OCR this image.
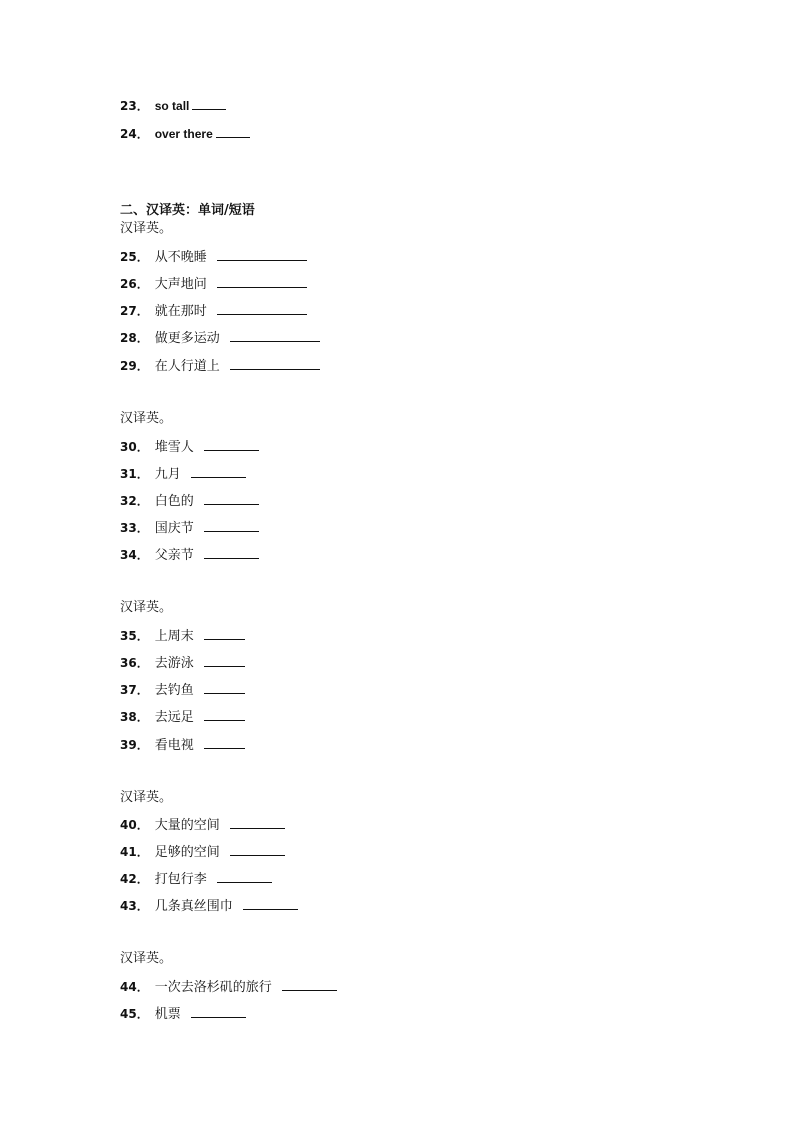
23． so tall
24． over there
二、汉译英：单词/短语
汉译英。
25． 从不晚睡
26． 大声地问
27． 就在那时
28． 做更多运动
29． 在人行道上
汉译英。
30． 堆雪人
31． 九月
32． 白色的
33． 国庆节
34． 父亲节
汉译英。
35． 上周末
36． 去游泳
37． 去钓鱼
38． 去远足
39． 看电视
汉译英。
40． 大量的空间
41． 足够的空间
42． 打包行李
43． 几条真丝围巾
汉译英。
44． 一次去洛杉矶的旅行
45． 机票
